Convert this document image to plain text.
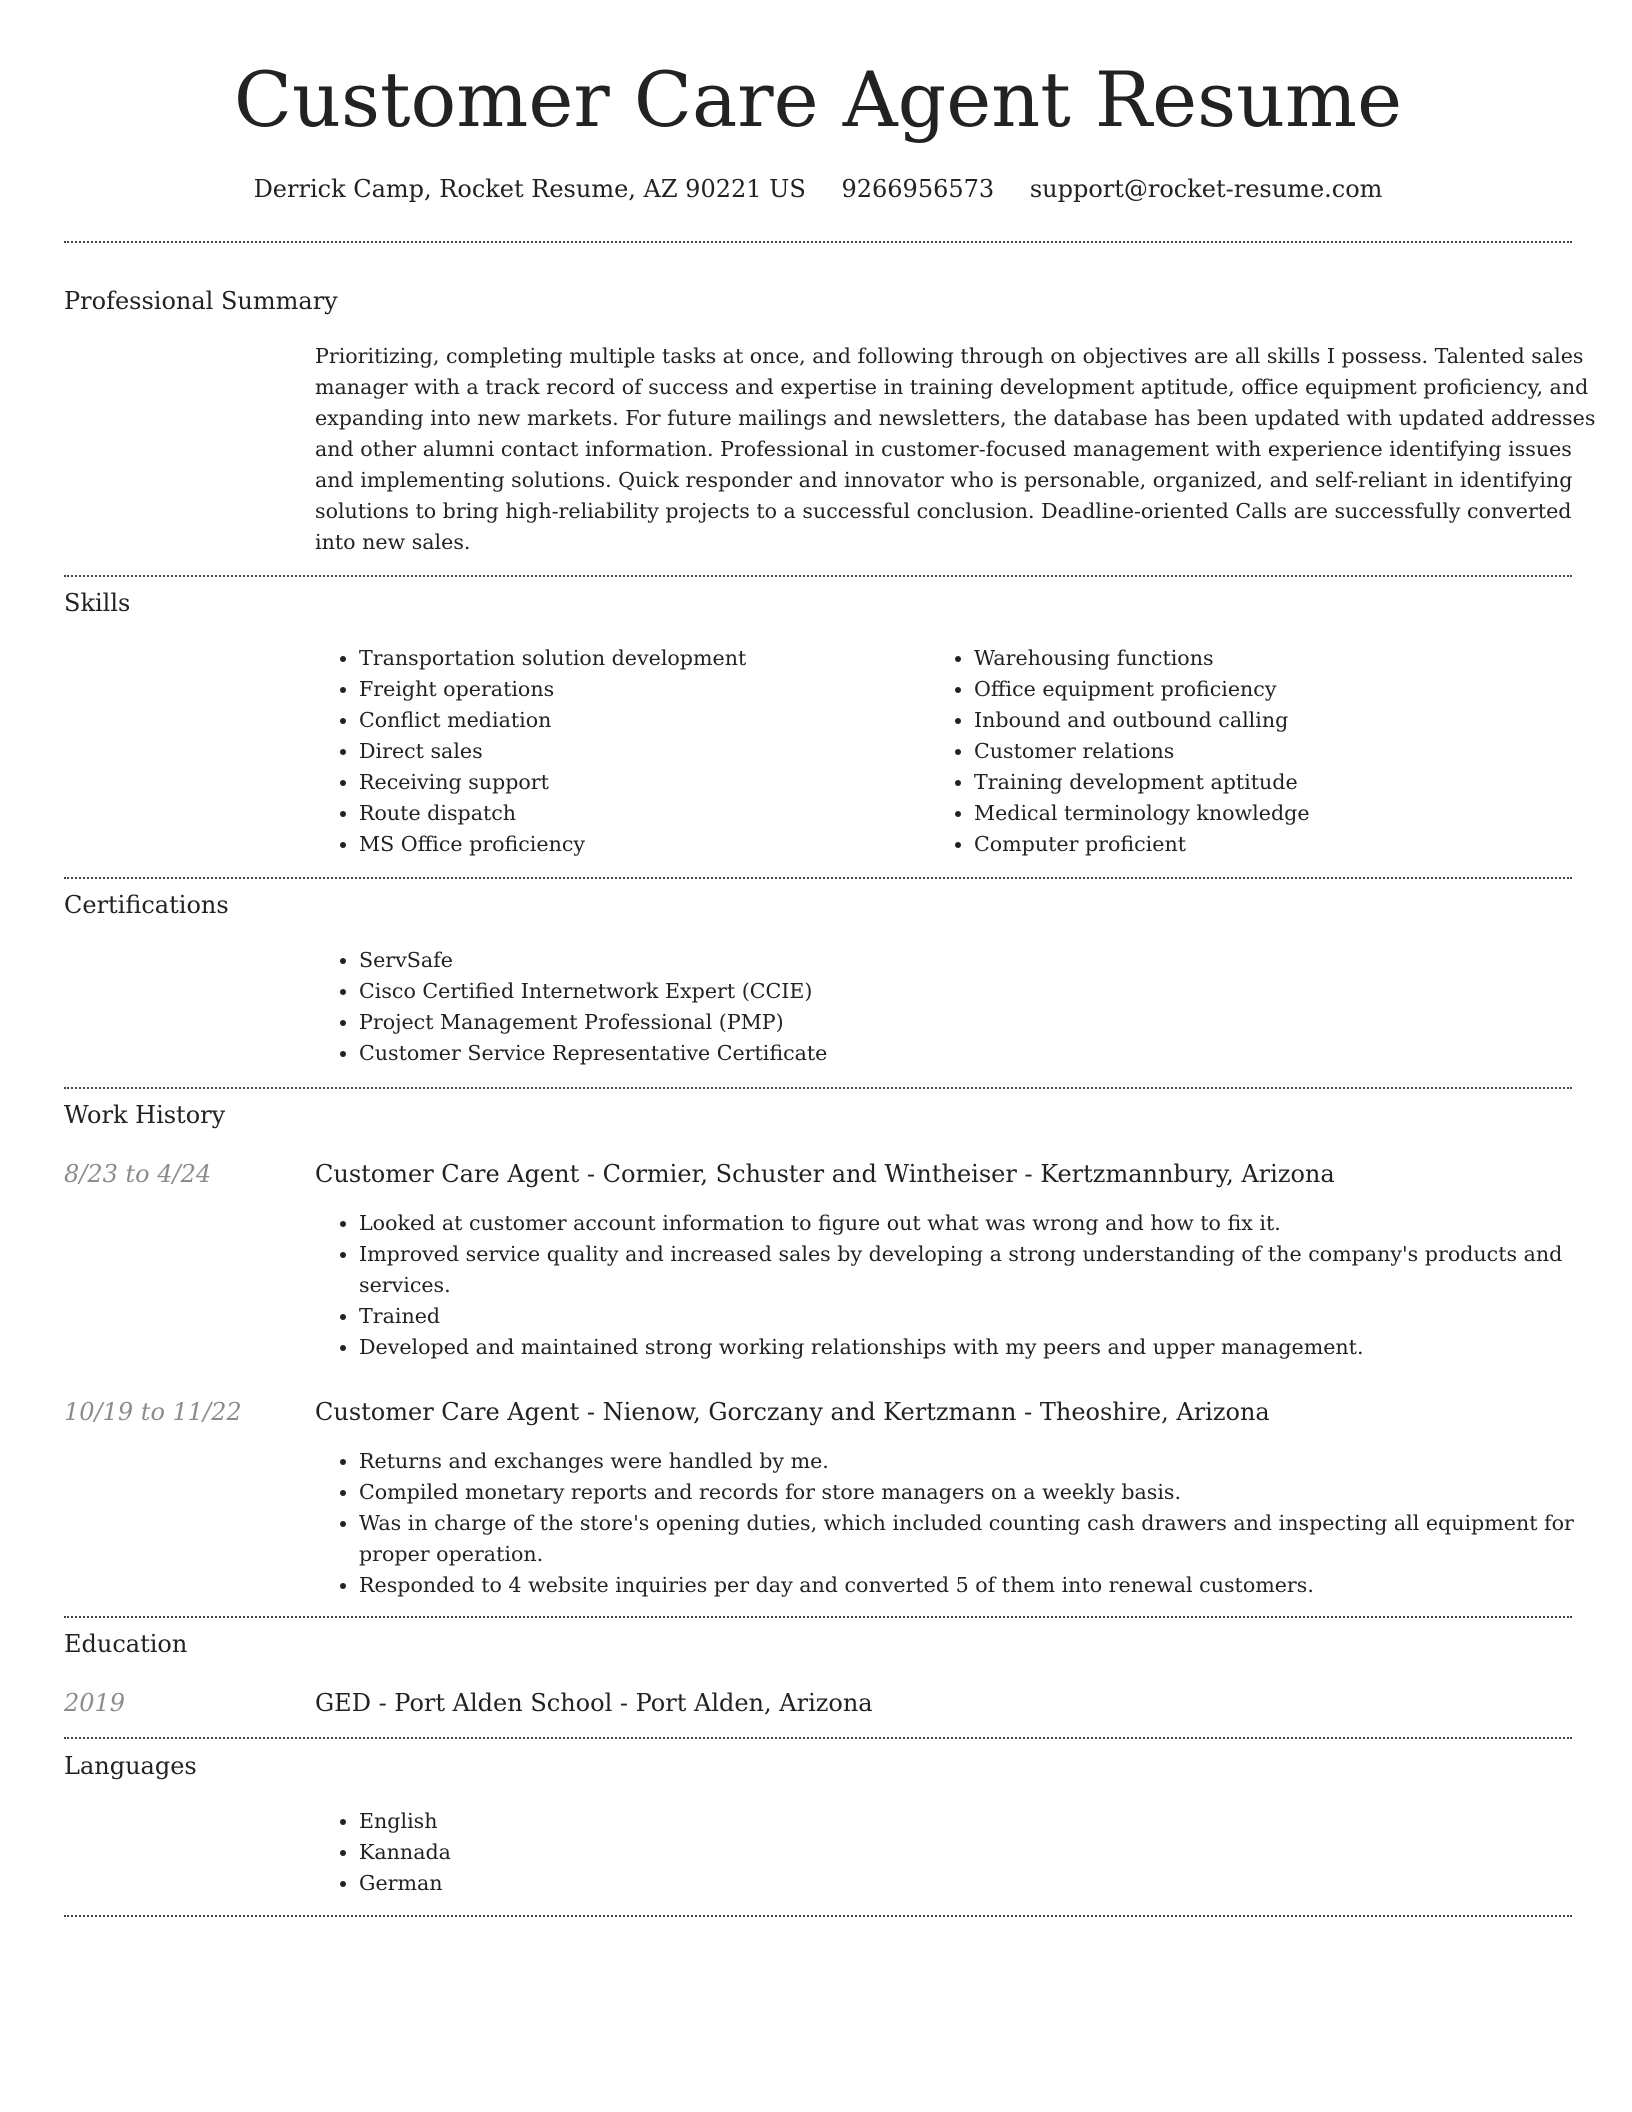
Customer Care Agent Resume
Derrick Camp, Rocket Resume, AZ 90221 US 9266956573 support@rocket-resume.com
Professional Summary

Prioritizing, completing multiple tasks at once, and following through on objectives are all skills I possess. Talented sales manager with a track record of success and expertise in training development aptitude, office equipment proficiency, and expanding into new markets. For future mailings and newsletters, the database has been updated with updated addresses and other alumni contact information. Professional in customer-focused management with experience identifying issues and implementing solutions. Quick responder and innovator who is personable, organized, and self-reliant in identifying solutions to bring high-reliability projects to a successful conclusion. Deadline-oriented Calls are successfully converted into new sales.

Skills
• Transportation solution development
• Freight operations
• Conflict mediation
• Direct sales
• Receiving support
• Route dispatch
• MS Office proficiency
• Warehousing functions
• Office equipment proficiency
• Inbound and outbound calling
• Customer relations
• Training development aptitude
• Medical terminology knowledge
• Computer proficient
Certifications
• ServSafe
• Cisco Certified Internetwork Expert (CCIE)
• Project Management Professional (PMP)
• Customer Service Representative Certificate
Work History
8/23 to 4/24	Customer Care Agent - Cormier, Schuster and Wintheiser - Kertzmannbury, Arizona
• Looked at customer account information to figure out what was wrong and how to fix it.
• Improved service quality and increased sales by developing a strong understanding of the company's products and services.
• Trained
• Developed and maintained strong working relationships with my peers and upper management.
10/19 to 11/22	Customer Care Agent - Nienow, Gorczany and Kertzmann - Theoshire, Arizona
• Returns and exchanges were handled by me.
• Compiled monetary reports and records for store managers on a weekly basis.
• Was in charge of the store's opening duties, which included counting cash drawers and inspecting all equipment for proper operation.
• Responded to 4 website inquiries per day and converted 5 of them into renewal customers.
Education
2019	GED - Port Alden School - Port Alden, Arizona
Languages
• English
• Kannada
• German
